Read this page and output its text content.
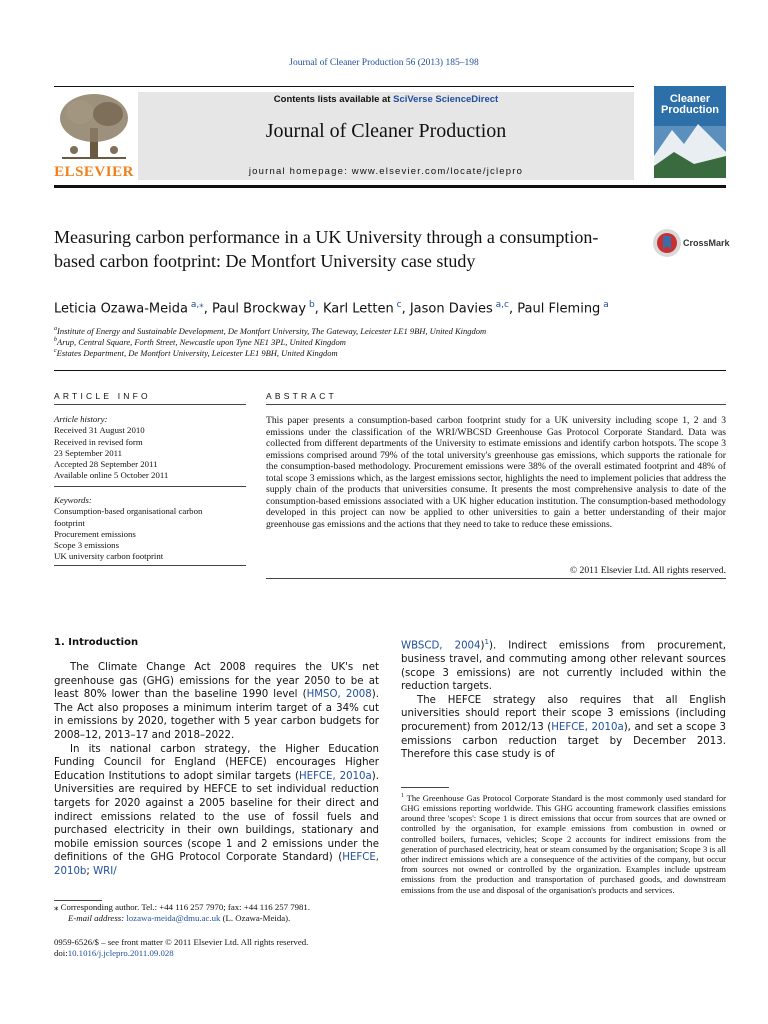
Journal of Cleaner Production 56 (2013) 185–198
ELSEVIER
Contents lists available at SciVerse ScienceDirect
Journal of Cleaner Production
journal homepage: www.elsevier.com/locate/jclepro
Cleaner Production
Measuring carbon performance in a UK University through a consumption-based carbon footprint: De Montfort University case study
CrossMark
Leticia Ozawa-Meida $^{a,⁎}$, Paul Brockway $^b$, Karl Letten $^c$, Jason Davies $^{a,c}$, Paul Fleming $^a$
$^a$Institute of Energy and Sustainable Development, De Montfort University, The Gateway, Leicester LE1 9BH, United Kingdom
$^b$Arup, Central Square, Forth Street, Newcastle upon Tyne NE1 3PL, United Kingdom
$^c$Estates Department, De Montfort University, Leicester LE1 9BH, United Kingdom
ARTICLE INFO
Article history:
Received 31 August 2010
Received in revised form
23 September 2011
Accepted 28 September 2011
Available online 5 October 2011
Keywords:
Consumption-based organisational carbon
footprint
Procurement emissions
Scope 3 emissions
UK university carbon footprint
ABSTRACT
This paper presents a consumption-based carbon footprint study for a UK university including scope 1, 2 and 3 emissions under the classification of the WRI/WBCSD Greenhouse Gas Protocol Corporate Standard. Data was collected from different departments of the University to estimate emissions and identify carbon hotspots. The scope 3 emissions comprised around 79% of the total university's greenhouse gas emissions, which supports the rationale for the consumption-based methodology. Procurement emissions were 38% of the overall estimated footprint and 48% of total scope 3 emissions which, as the largest emissions sector, highlights the need to implement policies that address the supply chain of the products that universities consume. It presents the most comprehensive analysis to date of the consumption-based emissions associated with a UK higher education institution. The consumption-based methodology developed in this project can now be applied to other universities to gain a better understanding of their major greenhouse gas emissions and the actions that they need to take to reduce these emissions.
© 2011 Elsevier Ltd. All rights reserved.
1. Introduction

The Climate Change Act 2008 requires the UK's net greenhouse gas (GHG) emissions for the year 2050 to be at least 80% lower than the baseline 1990 level (HMSO, 2008). The Act also proposes a minimum interim target of a 34% cut in emissions by 2020, together with 5 year carbon budgets for 2008–12, 2013–17 and 2018–2022.

In its national carbon strategy, the Higher Education Funding Council for England (HEFCE) encourages Higher Education Institutions to adopt similar targets (HEFCE, 2010a). Universities are required by HEFCE to set individual reduction targets for 2020 against a 2005 baseline for their direct and indirect emissions related to the use of fossil fuels and purchased electricity in their own buildings, stationary and mobile emission sources (scope 1 and 2 emissions under the definitions of the GHG Protocol Corporate Standard) (HEFCE, 2010b; WRI/

WBSCD, 2004)$^1$). Indirect emissions from procurement, business travel, and commuting among other relevant sources (scope 3 emissions) are not currently included within the reduction targets.

The HEFCE strategy also requires that all English universities should report their scope 3 emissions (including procurement) from 2012/13 (HEFCE, 2010a), and set a scope 3 emissions carbon reduction target by December 2013. Therefore this case study is of

⁎ Corresponding author. Tel.: +44 116 257 7970; fax: +44 116 257 7981.
E-mail address: lozawa-meida@dmu.ac.uk (L. Ozawa-Meida).
0959-6526/$ – see front matter © 2011 Elsevier Ltd. All rights reserved.
doi:10.1016/j.jclepro.2011.09.028
$^1$ The Greenhouse Gas Protocol Corporate Standard is the most commonly used standard for GHG emissions reporting worldwide. This GHG accounting framework classifies emissions around three 'scopes': Scope 1 is direct emissions that occur from sources that are owned or controlled by the organisation, for example emissions from combustion in owned or controlled boilers, furnaces, vehicles; Scope 2 accounts for indirect emissions from the generation of purchased electricity, heat or steam consumed by the organisation; Scope 3 is all other indirect emissions which are a consequence of the activities of the company, but occur from sources not owned or controlled by the organization. Examples include upstream emissions from the production and transportation of purchased goods, and downstream emissions from the use and disposal of the organisation's products and services.
